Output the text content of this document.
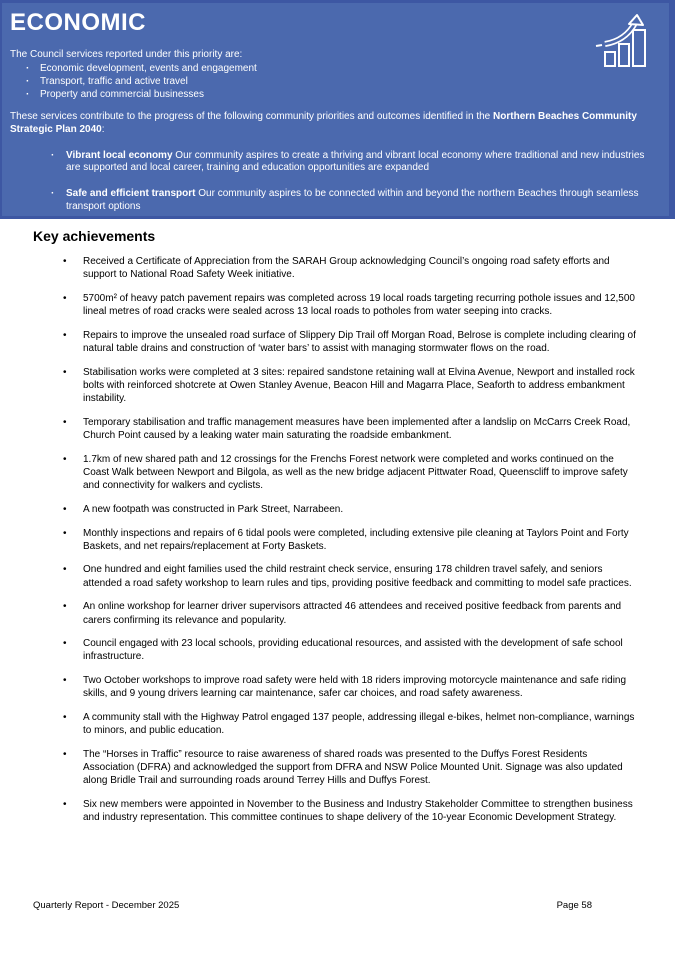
ECONOMIC

The Council services reported under this priority are:

· Economic development, events and engagement
· Transport, traffic and active travel
· Property and commercial businesses

These services contribute to the progress of the following community priorities and outcomes identified in the Northern Beaches Community Strategic Plan 2040:

· Vibrant local economy Our community aspires to create a thriving and vibrant local economy where traditional and new industries are supported and local career, training and education opportunities are expanded
· Safe and efficient transport Our community aspires to be connected within and beyond the northern Beaches through seamless transport options
Key achievements
• Received a Certificate of Appreciation from the SARAH Group acknowledging Council’s ongoing road safety efforts and support to National Road Safety Week initiative.
• 5700m² of heavy patch pavement repairs was completed across 19 local roads targeting recurring pothole issues and 12,500 lineal metres of road cracks were sealed across 13 local roads to potholes from water seeping into cracks.
• Repairs to improve the unsealed road surface of Slippery Dip Trail off Morgan Road, Belrose is complete including clearing of natural table drains and construction of ‘water bars’ to assist with managing stormwater flows on the road.
• Stabilisation works were completed at 3 sites: repaired sandstone retaining wall at Elvina Avenue, Newport and installed rock bolts with reinforced shotcrete at Owen Stanley Avenue, Beacon Hill and Magarra Place, Seaforth to address embankment instability.
• Temporary stabilisation and traffic management measures have been implemented after a landslip on McCarrs Creek Road, Church Point caused by a leaking water main saturating the roadside embankment.
• 1.7km of new shared path and 12 crossings for the Frenchs Forest network were completed and works continued on the Coast Walk between Newport and Bilgola, as well as the new bridge adjacent Pittwater Road, Queenscliff to improve safety and connectivity for walkers and cyclists.
• A new footpath was constructed in Park Street, Narrabeen.
• Monthly inspections and repairs of 6 tidal pools were completed, including extensive pile cleaning at Taylors Point and Forty Baskets, and net repairs/replacement at Forty Baskets.
• One hundred and eight families used the child restraint check service, ensuring 178 children travel safely, and seniors attended a road safety workshop to learn rules and tips, providing positive feedback and committing to model safe practices.
• An online workshop for learner driver supervisors attracted 46 attendees and received positive feedback from parents and carers confirming its relevance and popularity.
• Council engaged with 23 local schools, providing educational resources, and assisted with the development of safe school infrastructure.
• Two October workshops to improve road safety were held with 18 riders improving motorcycle maintenance and safe riding skills, and 9 young drivers learning car maintenance, safer car choices, and road safety awareness.
• A community stall with the Highway Patrol engaged 137 people, addressing illegal e-bikes, helmet non-compliance, warnings to minors, and public education.
• The “Horses in Traffic” resource to raise awareness of shared roads was presented to the Duffys Forest Residents Association (DFRA) and acknowledged the support from DFRA and NSW Police Mounted Unit. Signage was also updated along Bridle Trail and surrounding roads around Terrey Hills and Duffys Forest.
• Six new members were appointed in November to the Business and Industry Stakeholder Committee to strengthen business and industry representation. This committee continues to shape delivery of the 10-year Economic Development Strategy.
Quarterly Report - December 2025	Page 58
